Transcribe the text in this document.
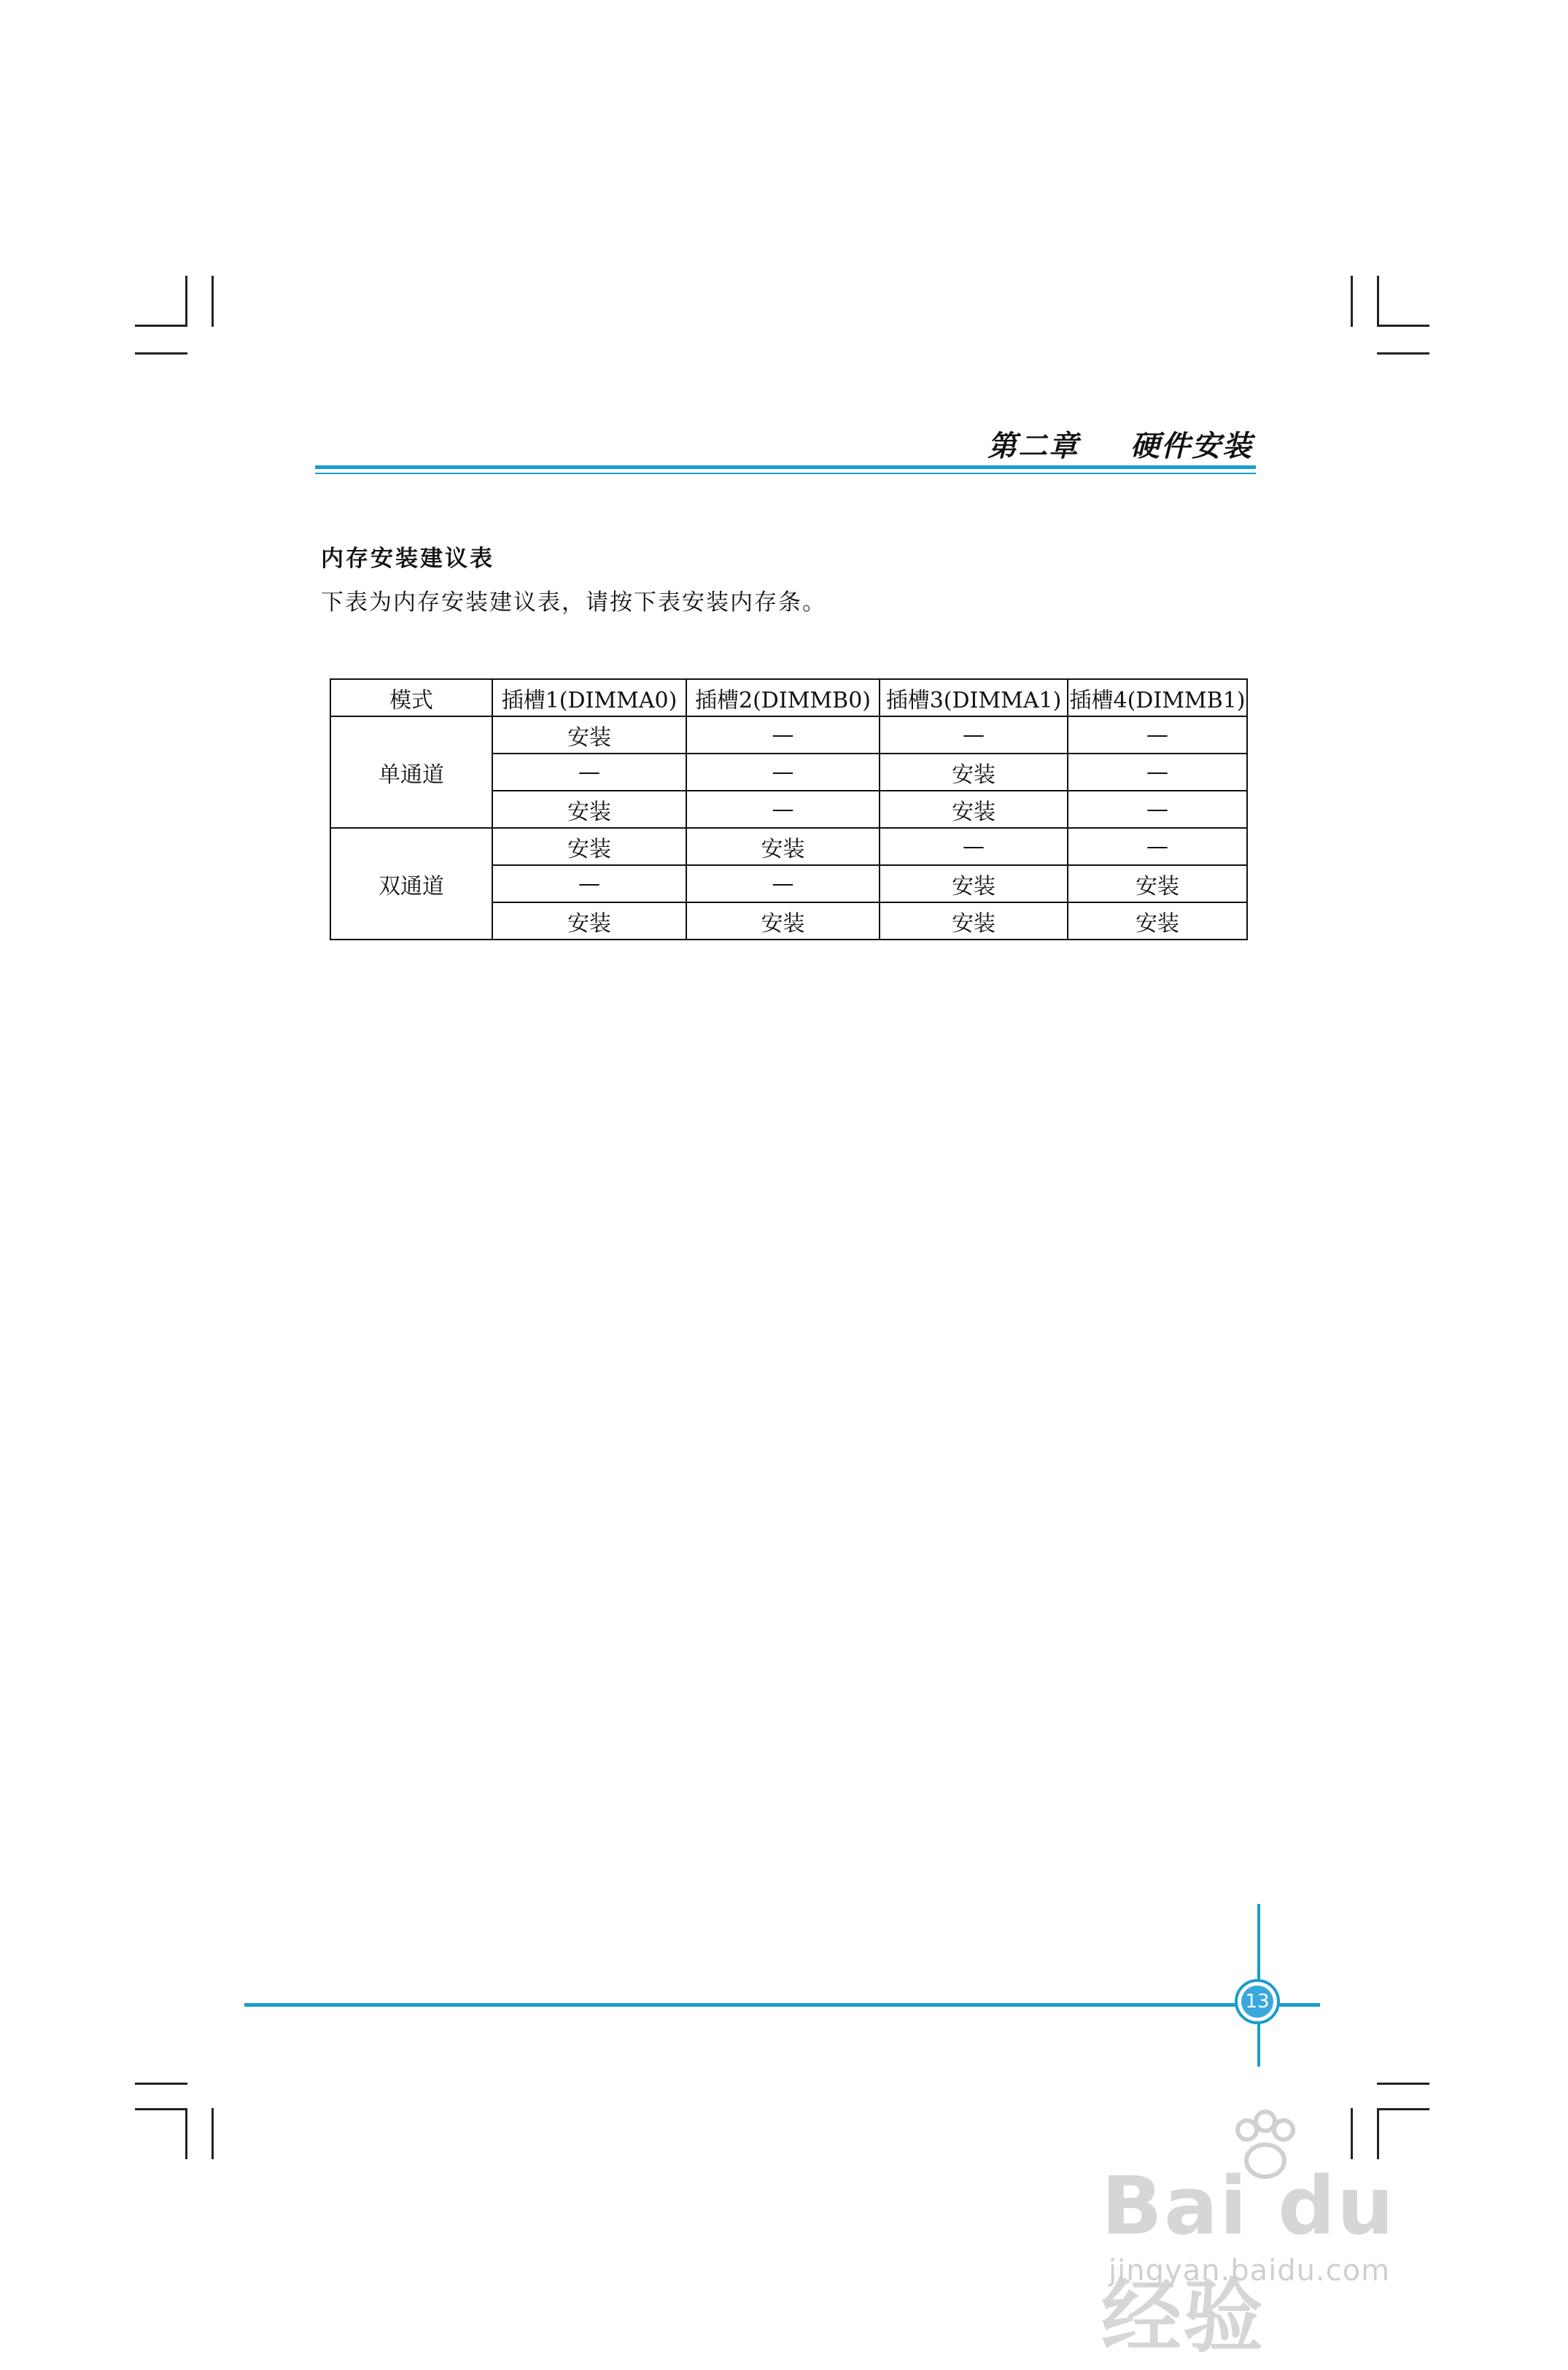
第二章 硬件安装
内存安装建议表
下表为内存安装建议表，请按下表安装内存条。
模式	插槽1(DIMMA0)	插槽2(DIMMB0)	插槽3(DIMMA1)	插槽4(DIMMB1)
单通道	安装	—	—	—
	—	—	安装	—
	安装	—	安装	—
双通道	安装	安装	—	—
	—	—	安装	安装
	安装	安装	安装	安装
13
Bai du 经验
jingyan.baidu.com
